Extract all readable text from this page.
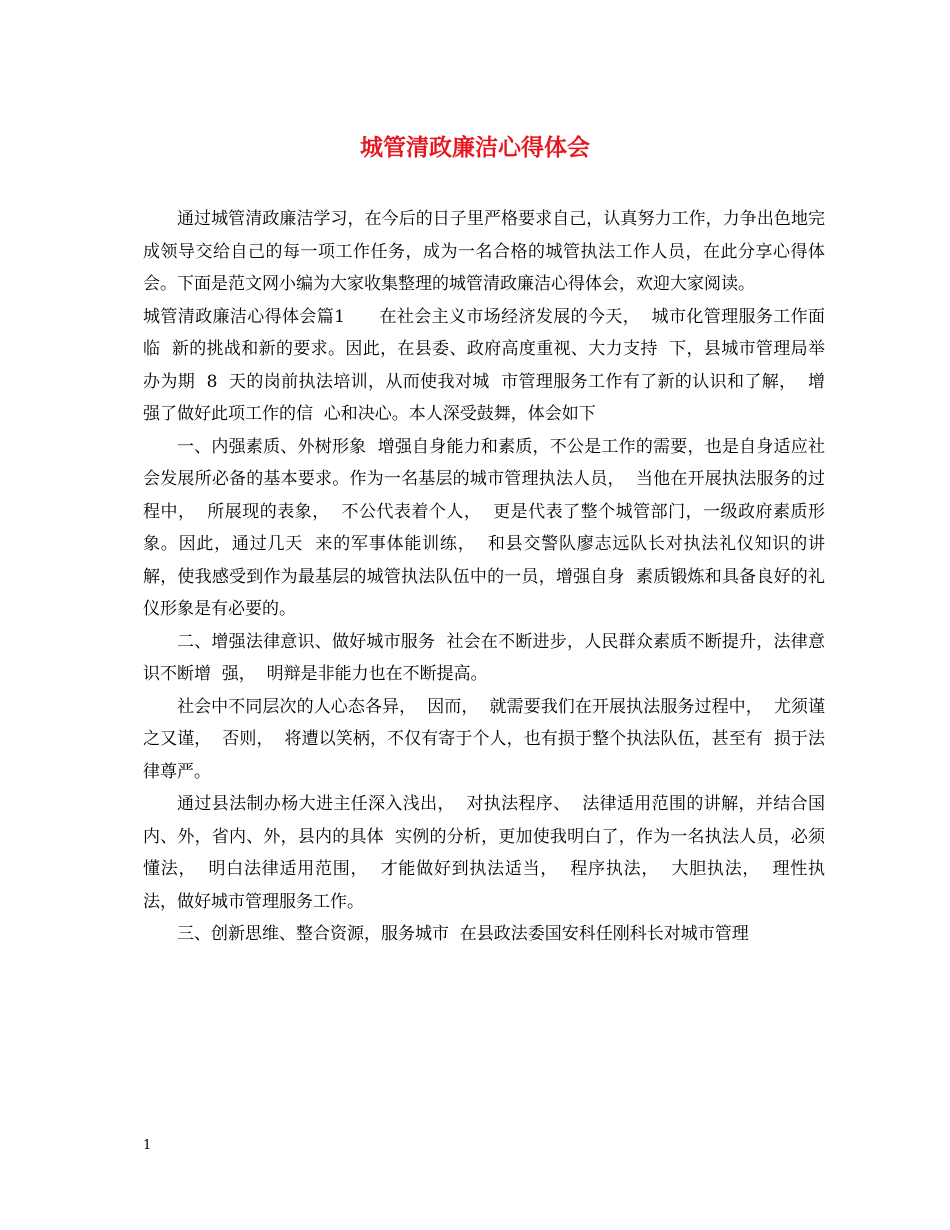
城管清政廉洁心得体会

通过城管清政廉洁学习，在今后的日子里严格要求自己，认真努力工作，力争出色地完成领导交给自己的每一项工作任务，成为一名合格的城管执法工作人员，在此分享心得体会。下面是范文网小编为大家收集整理的城管清政廉洁心得体会，欢迎大家阅读。

城管清政廉洁心得体会篇1      在社会主义市场经济发展的今天，  城市化管理服务工作面临  新的挑战和新的要求。因此，在县委、政府高度重视、大力支持  下，县城市管理局举办为期  8  天的岗前执法培训，从而使我对城  市管理服务工作有了新的认识和了解，  增强了做好此项工作的信  心和决心。本人深受鼓舞，体会如下

一、内强素质、外树形象  增强自身能力和素质，不公是工作的需要，也是自身适应社  会发展所必备的基本要求。作为一名基层的城市管理执法人员，  当他在开展执法服务的过程中，  所展现的表象，  不公代表着个人，  更是代表了整个城管部门，一级政府素质形象。因此，通过几天  来的军事体能训练，  和县交警队廖志远队长对执法礼仪知识的讲  解，使我感受到作为最基层的城管执法队伍中的一员，增强自身  素质锻炼和具备良好的礼仪形象是有必要的。

二、增强法律意识、做好城市服务  社会在不断进步，人民群众素质不断提升，法律意识不断增  强，  明辩是非能力也在不断提高。

社会中不同层次的人心态各异，  因而，  就需要我们在开展执法服务过程中，  尤须谨之又谨，  否则，  将遭以笑柄，不仅有寄于个人，也有损于整个执法队伍，甚至有  损于法律尊严。

通过县法制办杨大进主任深入浅出，  对执法程序、  法律适用范围的讲解，并结合国内、外，省内、外，县内的具体  实例的分析，更加使我明白了，作为一名执法人员，必须懂法，  明白法律适用范围，  才能做好到执法适当，  程序执法，  大胆执法，  理性执法，做好城市管理服务工作。

三、创新思维、整合资源，服务城市  在县政法委国安科任刚科长对城市管理

1
